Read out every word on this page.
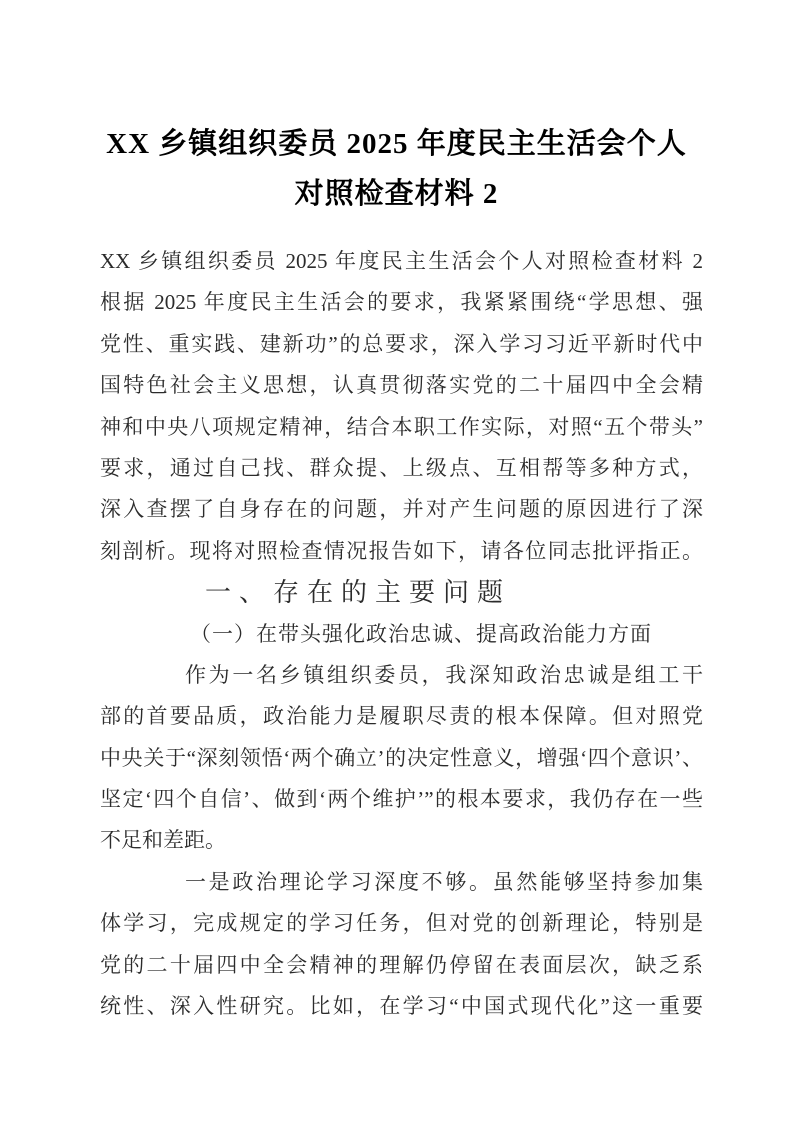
XX 乡镇组织委员 2025 年度民主生活会个人
对照检查材料 2
XX 乡镇组织委员 2025 年度民主生活会个人对照检查材料 2
根据 2025 年度民主生活会的要求，我紧紧围绕“学思想、强
党性、重实践、建新功”的总要求，深入学习习近平新时代中
国特色社会主义思想，认真贯彻落实党的二十届四中全会精
神和中央八项规定精神，结合本职工作实际，对照“五个带头”
要求，通过自己找、群众提、上级点、互相帮等多种方式，
深入查摆了自身存在的问题，并对产生问题的原因进行了深
刻剖析。现将对照检查情况报告如下，请各位同志批评指正。
一、存在的主要问题
（一）在带头强化政治忠诚、提高政治能力方面
作为一名乡镇组织委员，我深知政治忠诚是组工干
部的首要品质，政治能力是履职尽责的根本保障。但对照党
中央关于“深刻领悟‘两个确立’的决定性意义，增强‘四个意识’、
坚定‘四个自信’、做到‘两个维护’”的根本要求，我仍存在一些
不足和差距。
一是政治理论学习深度不够。虽然能够坚持参加集
体学习，完成规定的学习任务，但对党的创新理论，特别是
党的二十届四中全会精神的理解仍停留在表面层次，缺乏系
统性、深入性研究。比如，在学习“中国式现代化”这一重要
